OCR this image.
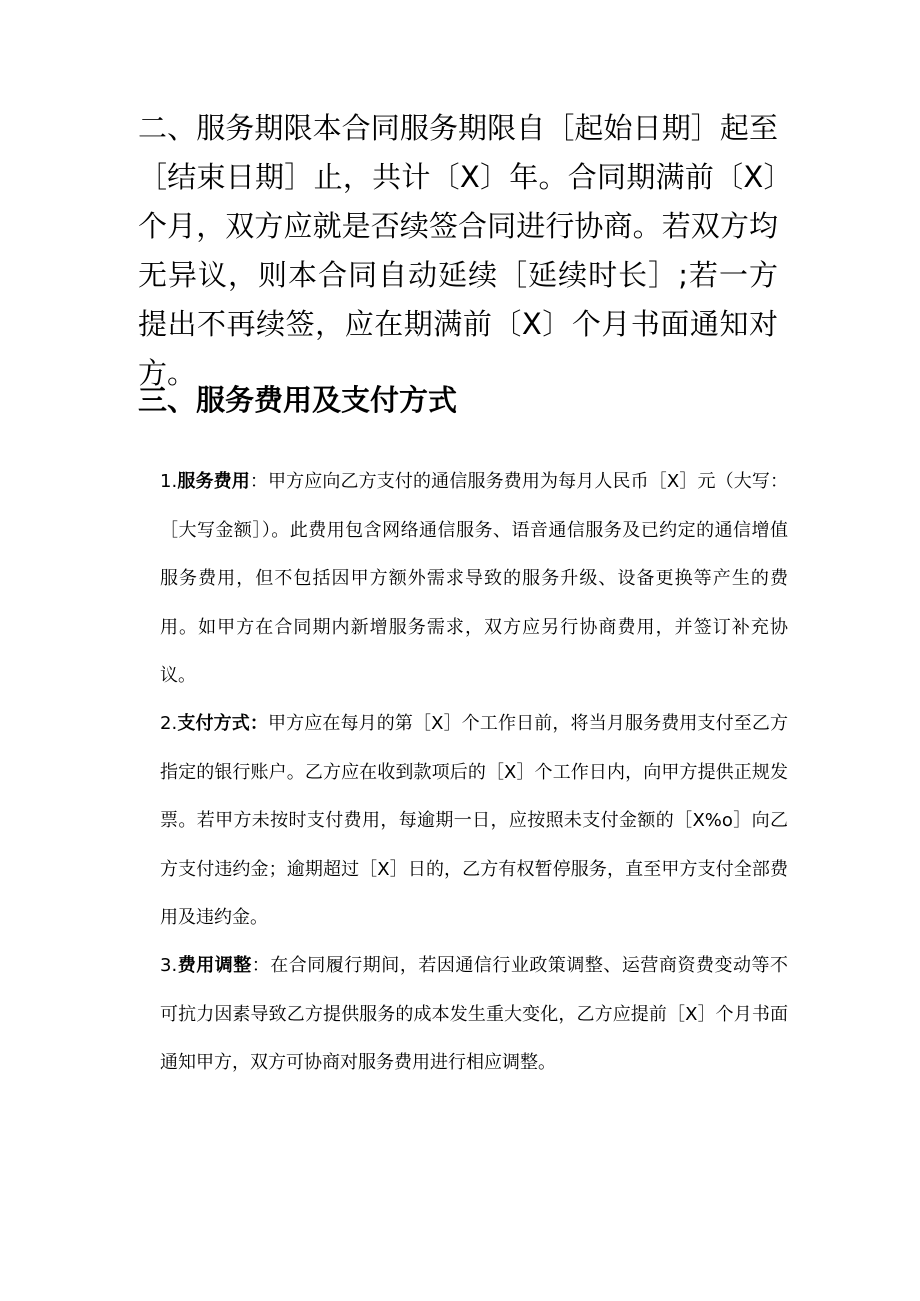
二、服务期限本合同服务期限自［起始日期］起至［结束日期］止，共计〔X〕年。合同期满前〔X〕个月，双方应就是否续签合同进行协商。若双方均无异议，则本合同自动延续［延续时长］;若一方提出不再续签，应在期满前〔X〕个月书面通知对方。

三、服务费用及支付方式

1.服务费用：甲方应向乙方支付的通信服务费用为每月人民币［X］元（大写：［大写金额］）。此费用包含网络通信服务、语音通信服务及已约定的通信增值服务费用，但不包括因甲方额外需求导致的服务升级、设备更换等产生的费用。如甲方在合同期内新增服务需求，双方应另行协商费用，并签订补充协议。

2.支付方式：甲方应在每月的第［X］个工作日前，将当月服务费用支付至乙方指定的银行账户。乙方应在收到款项后的［X］个工作日内，向甲方提供正规发票。若甲方未按时支付费用，每逾期一日，应按照未支付金额的［X%o］向乙方支付违约金；逾期超过［X］日的，乙方有权暂停服务，直至甲方支付全部费用及违约金。

3.费用调整：在合同履行期间，若因通信行业政策调整、运营商资费变动等不可抗力因素导致乙方提供服务的成本发生重大变化，乙方应提前［X］个月书面通知甲方，双方可协商对服务费用进行相应调整。
